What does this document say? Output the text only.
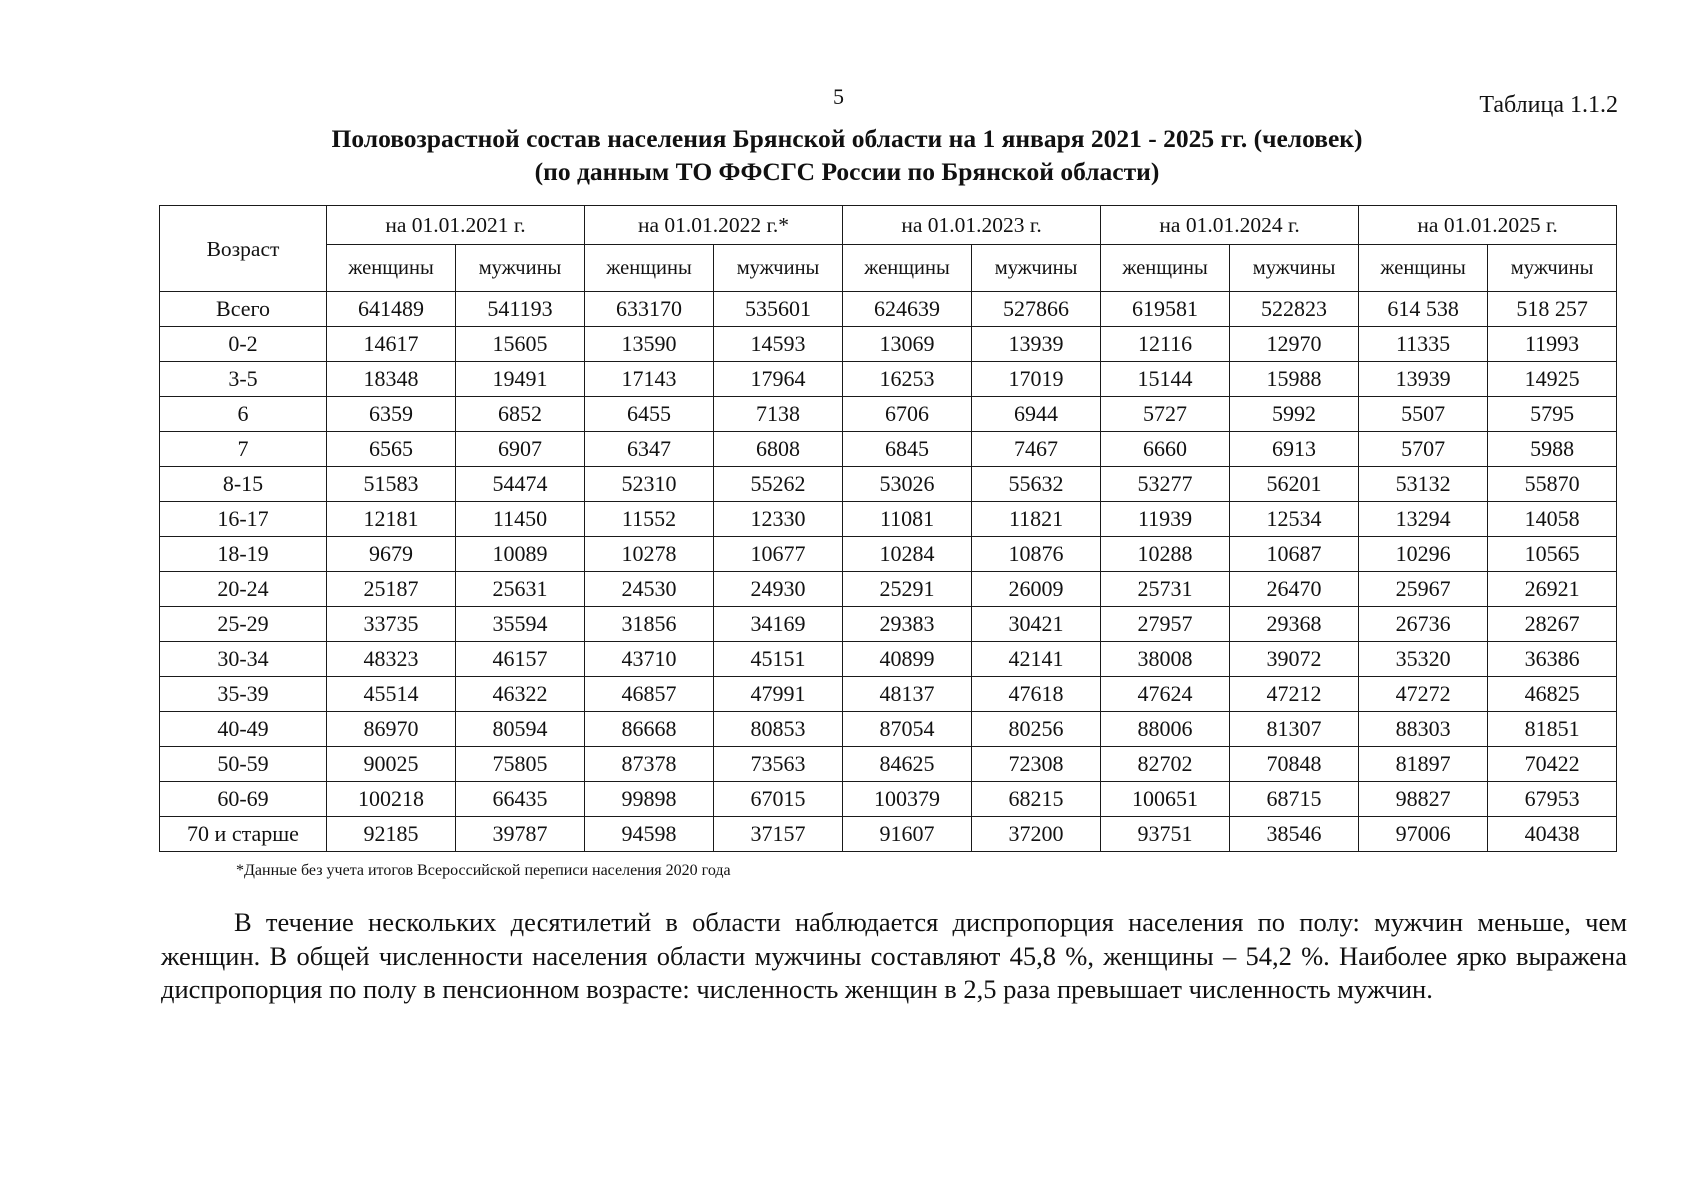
5	Таблица 1.1.2
Половозрастной состав населения Брянской области на 1 января 2021 - 2025 гг. (человек)
(по данным ТО ФФСГС России по Брянской области)
Возраст	на 01.01.2021 г.		на 01.01.2022 г.*		на 01.01.2023 г.		на 01.01.2024 г.		на 01.01.2025 г.	
	женщины	мужчины	женщины	мужчины	женщины	мужчины	женщины	мужчины	женщины	мужчины
Всего	641489	541193	633170	535601	624639	527866	619581	522823	614 538	518 257
0-2	14617	15605	13590	14593	13069	13939	12116	12970	11335	11993
3-5	18348	19491	17143	17964	16253	17019	15144	15988	13939	14925
6	6359	6852	6455	7138	6706	6944	5727	5992	5507	5795
7	6565	6907	6347	6808	6845	7467	6660	6913	5707	5988
8-15	51583	54474	52310	55262	53026	55632	53277	56201	53132	55870
16-17	12181	11450	11552	12330	11081	11821	11939	12534	13294	14058
18-19	9679	10089	10278	10677	10284	10876	10288	10687	10296	10565
20-24	25187	25631	24530	24930	25291	26009	25731	26470	25967	26921
25-29	33735	35594	31856	34169	29383	30421	27957	29368	26736	28267
30-34	48323	46157	43710	45151	40899	42141	38008	39072	35320	36386
35-39	45514	46322	46857	47991	48137	47618	47624	47212	47272	46825
40-49	86970	80594	86668	80853	87054	80256	88006	81307	88303	81851
50-59	90025	75805	87378	73563	84625	72308	82702	70848	81897	70422
60-69	100218	66435	99898	67015	100379	68215	100651	68715	98827	67953
70 и старше	92185	39787	94598	37157	91607	37200	93751	38546	97006	40438
*Данные без учета итогов Всероссийской переписи населения 2020 года

В течение нескольких десятилетий в области наблюдается диспропорция населения по полу: мужчин меньше, чем женщин. В общей численности населения области мужчины составляют 45,8 %, женщины – 54,2 %. Наиболее ярко выражена диспропорция по полу в пенсионном возрасте: численность женщин в 2,5 раза превышает численность мужчин.
